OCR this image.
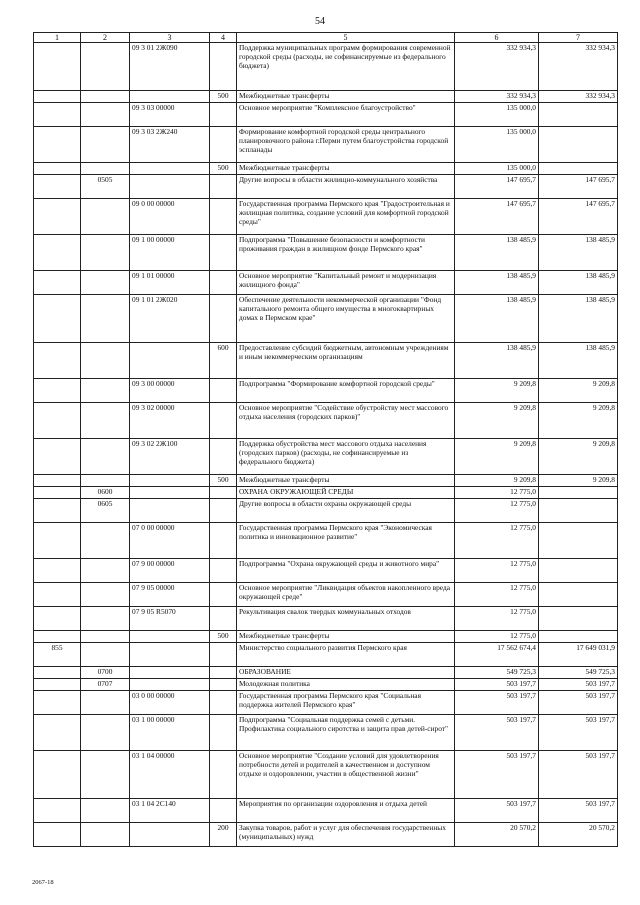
54
1	2	3	4	5	6	7
		09 3 01 2Ж090		Поддержка муниципальных программ формирования современной городской среды (расходы, не софинансируемые из федерального бюджета)	332 934,3	332 934,3
			500	Межбюджетные трансферты	332 934,3	332 934,3
		09 3 03 00000		Основное мероприятие "Комплексное благоустройство"	135 000,0	
		09 3 03 2Ж240		Формирование комфортной городской среды центрального планировочного района г.Перми путем благоустройства городской эспланады	135 000,0	
			500	Межбюджетные трансферты	135 000,0	
	0505			Другие вопросы в области жилищно-коммунального хозяйства	147 695,7	147 695,7
		09 0 00 00000		Государственная программа Пермского края "Градостроительная и жилищная политика, создание условий для комфортной городской среды"	147 695,7	147 695,7
		09 1 00 00000		Подпрограмма "Повышение безопасности и комфортности проживания граждан в жилищном фонде Пермского края"	138 485,9	138 485,9
		09 1 01 00000		Основное мероприятие "Капитальный ремонт и модернизация жилищного фонда"	138 485,9	138 485,9
		09 1 01 2Ж020		Обеспечение деятельности некоммерческой организации "Фонд капитального ремонта общего имущества в многоквартирных домах в Пермском крае"	138 485,9	138 485,9
			600	Предоставление субсидий бюджетным, автономным учреждениям и иным некоммерческим организациям	138 485,9	138 485,9
		09 3 00 00000		Подпрограмма "Формирование комфортной городской среды"	9 209,8	9 209,8
		09 3 02 00000		Основное мероприятие "Содействие обустройству мест массового отдыха населения (городских парков)"	9 209,8	9 209,8
		09 3 02 2Ж100		Поддержка обустройства мест массового отдыха населения (городских парков) (расходы, не софинансируемые из федерального бюджета)	9 209,8	9 209,8
			500	Межбюджетные трансферты	9 209,8	9 209,8
	0600			ОХРАНА ОКРУЖАЮЩЕЙ СРЕДЫ	12 775,0	
	0605			Другие вопросы в области охраны окружающей среды	12 775,0	
		07 0 00 00000		Государственная программа Пермского края "Экономическая политика и инновационное развитие"	12 775,0	
		07 9 00 00000		Подпрограмма "Охрана окружающей среды и животного мира"	12 775,0	
		07 9 05 00000		Основное мероприятие "Ликвидация объектов накопленного вреда окружающей среде"	12 775,0	
		07 9 05 R5070		Рекультивация свалок твердых коммунальных отходов	12 775,0	
			500	Межбюджетные трансферты	12 775,0	
855				Министерство социального развития Пермского края	17 562 674,4	17 649 031,9
	0700			ОБРАЗОВАНИЕ	549 725,3	549 725,3
	0707			Молодежная политика	503 197,7	503 197,7
		03 0 00 00000		Государственная программа Пермского края "Социальная поддержка жителей Пермского края"	503 197,7	503 197,7
		03 1 00 00000		Подпрограмма "Социальная поддержка семей с детьми. Профилактика социального сиротства и защита прав детей-сирот"	503 197,7	503 197,7
		03 1 04 00000		Основное мероприятие "Создание условий для удовлетворения потребности детей и родителей в качественном и доступном отдыхе и оздоровлении, участии в общественной жизни"	503 197,7	503 197,7
		03 1 04 2С140		Мероприятия по организации оздоровления и отдыха детей	503 197,7	503 197,7
			200	Закупка товаров, работ и услуг для обеспечения государственных (муниципальных) нужд	20 570,2	20 570,2
2067-18
